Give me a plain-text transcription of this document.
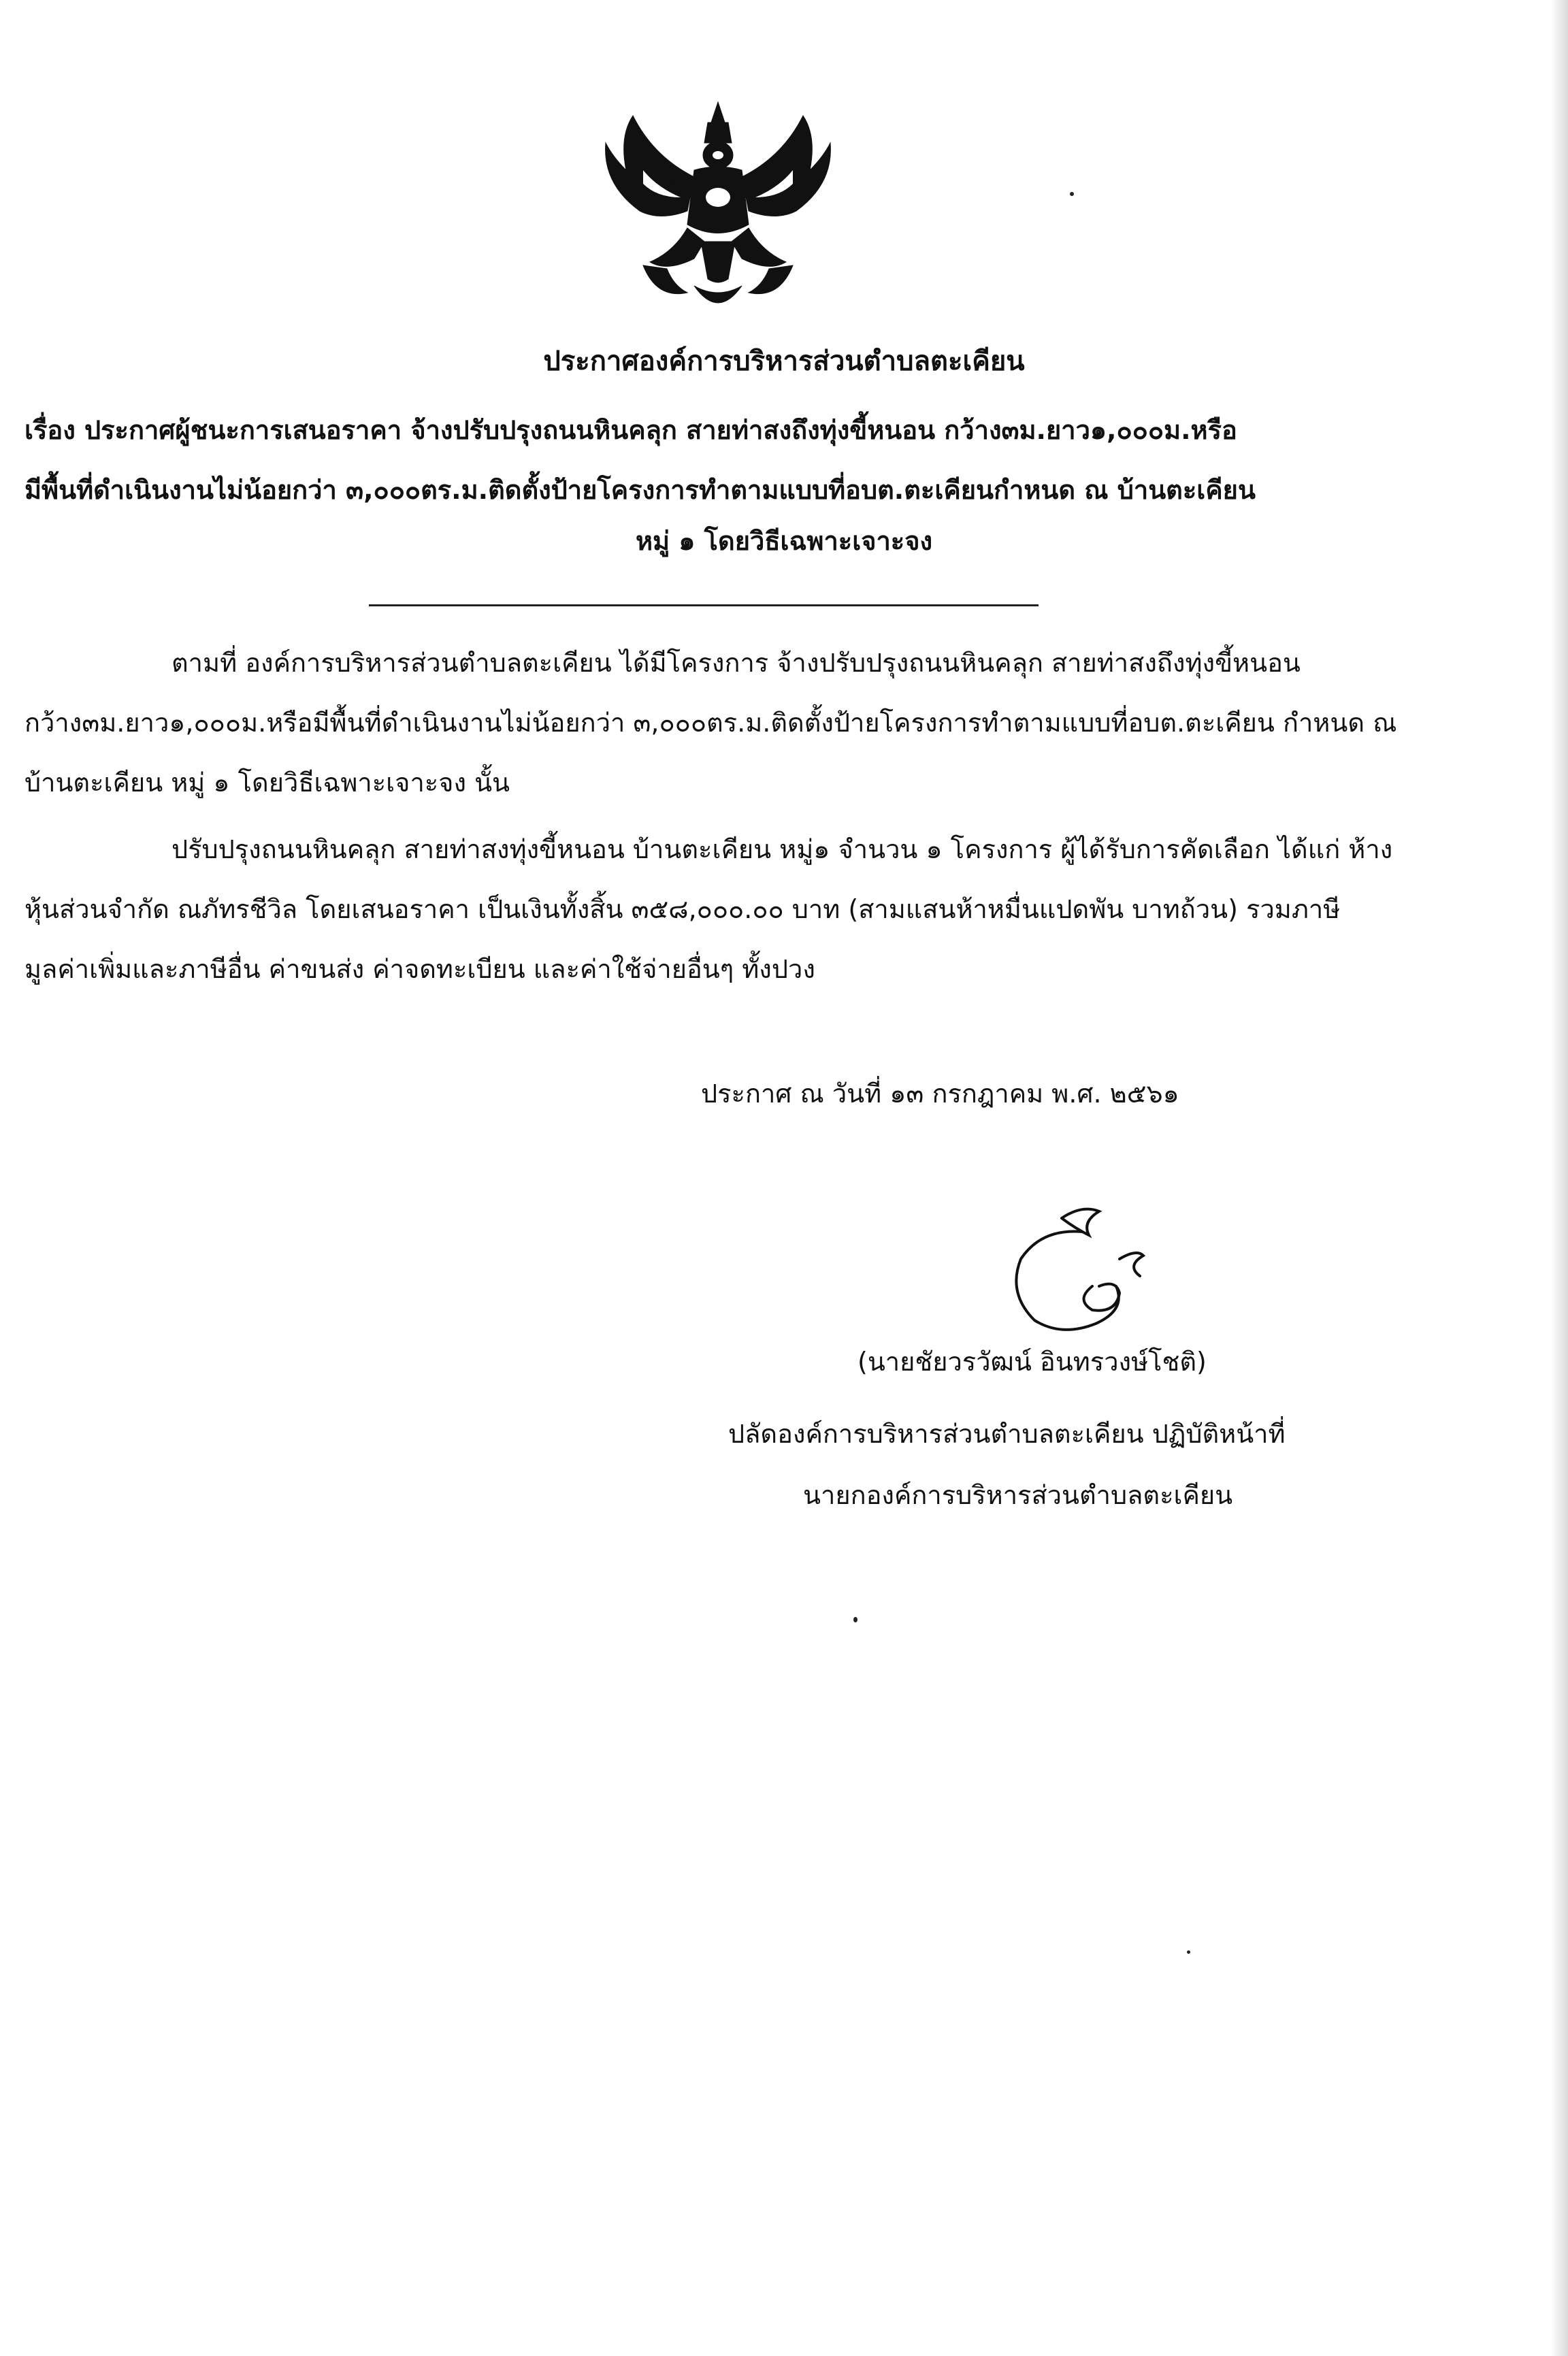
ประกาศองค์การบริหารส่วนตำบลตะเคียน
เรื่อง ประกาศผู้ชนะการเสนอราคา จ้างปรับปรุงถนนหินคลุก สายท่าสงถึงทุ่งขี้หนอน กว้าง๓ม.ยาว๑,๐๐๐ม.หรือ
มีพื้นที่ดำเนินงานไม่น้อยกว่า ๓,๐๐๐ตร.ม.ติดตั้งป้ายโครงการทำตามแบบที่อบต.ตะเคียนกำหนด ณ บ้านตะเคียน
หมู่ ๑ โดยวิธีเฉพาะเจาะจง
ตามที่ องค์การบริหารส่วนตำบลตะเคียน ได้มีโครงการ จ้างปรับปรุงถนนหินคลุก สายท่าสงถึงทุ่งขี้หนอน กว้าง๓ม.ยาว๑,๐๐๐ม.หรือมีพื้นที่ดำเนินงานไม่น้อยกว่า ๓,๐๐๐ตร.ม.ติดตั้งป้ายโครงการทำตามแบบที่อบต.ตะเคียน กำหนด ณ บ้านตะเคียน หมู่ ๑ โดยวิธีเฉพาะเจาะจง นั้น
ปรับปรุงถนนหินคลุก สายท่าสงทุ่งขี้หนอน บ้านตะเคียน หมู่๑ จำนวน ๑ โครงการ ผู้ได้รับการคัดเลือก ได้แก่ ห้างหุ้นส่วนจำกัด ณภัทรชีวิล โดยเสนอราคา เป็นเงินทั้งสิ้น ๓๕๘,๐๐๐.๐๐ บาท (สามแสนห้าหมื่นแปดพัน บาทถ้วน) รวมภาษีมูลค่าเพิ่มและภาษีอื่น ค่าขนส่ง ค่าจดทะเบียน และค่าใช้จ่ายอื่นๆ ทั้งปวง
ประกาศ ณ วันที่ ๑๓ กรกฎาคม พ.ศ. ๒๕๖๑
(นายชัยวรวัฒน์ อินทรวงษ์โชติ)
ปลัดองค์การบริหารส่วนตำบลตะเคียน ปฏิบัติหน้าที่
นายกองค์การบริหารส่วนตำบลตะเคียน
